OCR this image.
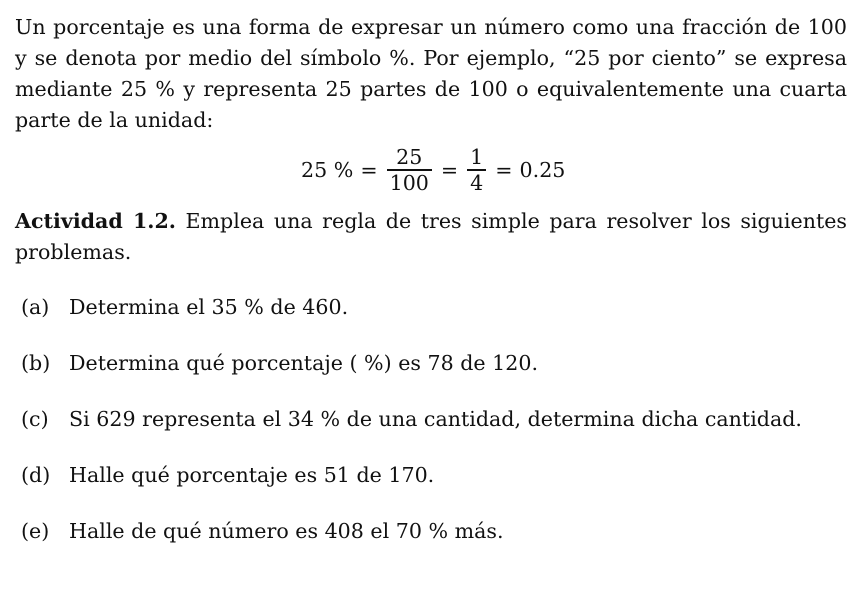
Un porcentaje es una forma de expresar un número como una fracción de 100 y se denota por medio del símbolo %. Por ejemplo, “25 por ciento” se expresa mediante 25 % y representa 25 partes de 100 o equivalentemente una cuarta parte de la unidad:

25 % = $\frac{25}{100} = \frac{1}{4} = 0.25$

Actividad 1.2. Emplea una regla de tres simple para resolver los siguientes problemas.

(a) Determina el 35 % de 460.
(b) Determina qué porcentaje ( %) es 78 de 120.
(c) Si 629 representa el 34 % de una cantidad, determina dicha cantidad.
(d) Halle qué porcentaje es 51 de 170.
(e) Halle de qué número es 408 el 70 % más.
